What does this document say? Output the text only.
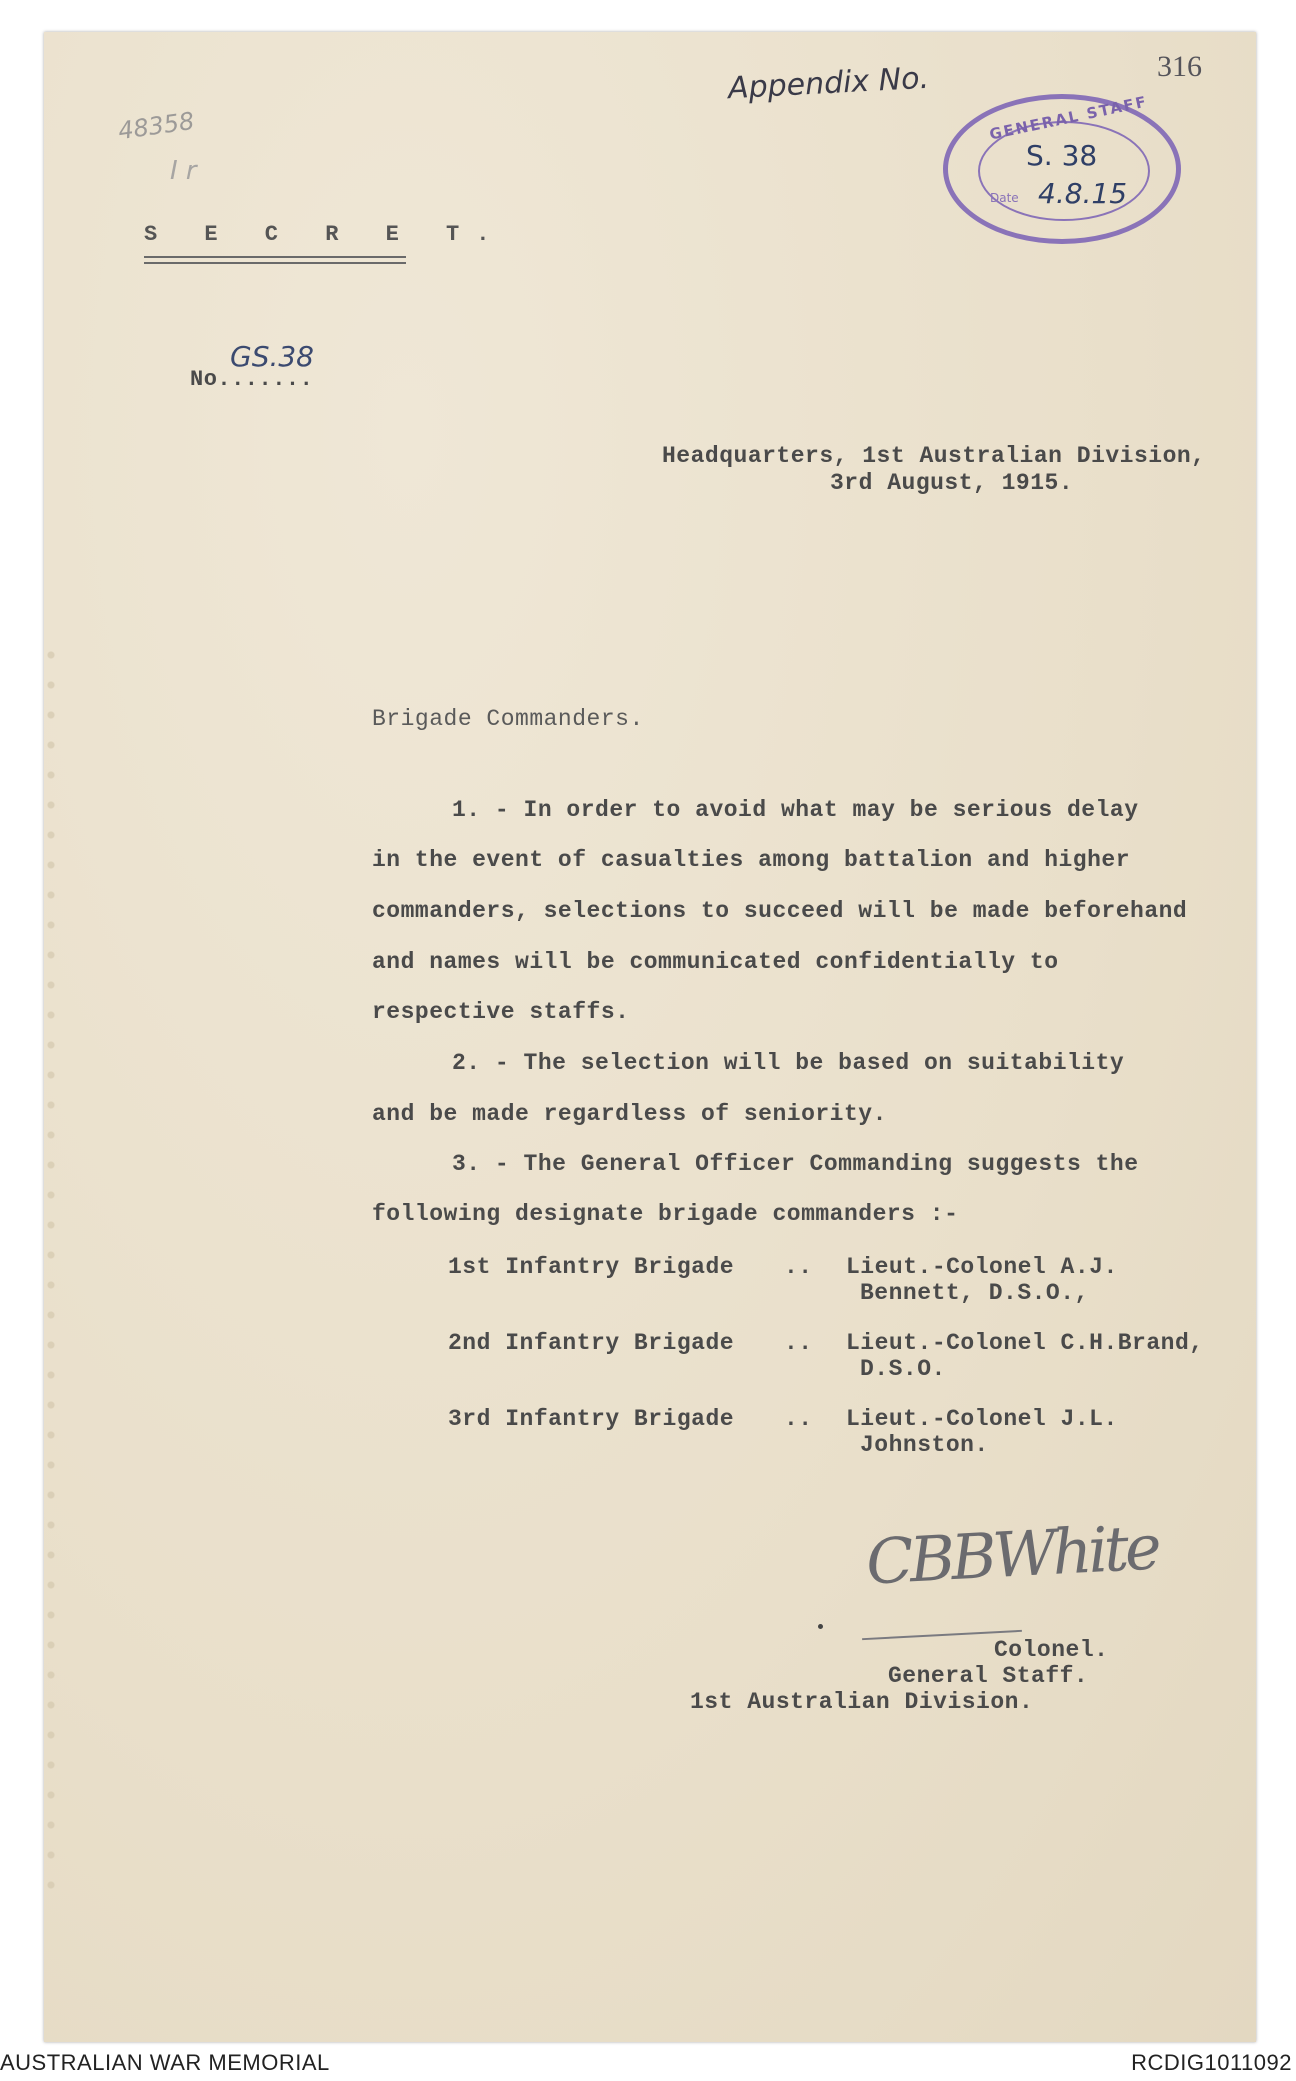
Appendix No.	316
48358
I r
GENERAL STAFF
S. 38
Date 4.8.15
S E C R E T.
No.......
GS.38
Headquarters, 1st Australian Division,
3rd August, 1915.
Brigade Commanders.
1. - In order to avoid what may be serious delay
in the event of casualties among battalion and higher
commanders, selections to succeed will be made beforehand
and names will be communicated confidentially to
respective staffs.
2. - The selection will be based on suitability
and be made regardless of seniority.
3. - The General Officer Commanding suggests the
following designate brigade commanders :-
1st Infantry Brigade .. Lieut.-Colonel A.J.
Bennett, D.S.O.,
2nd Infantry Brigade .. Lieut.-Colonel C.H.Brand,
D.S.O.
3rd Infantry Brigade .. Lieut.-Colonel J.L.
Johnston.
CBBWhite
Colonel.
General Staff.
1st Australian Division.
AUSTRALIAN WAR MEMORIAL	RCDIG1011092
